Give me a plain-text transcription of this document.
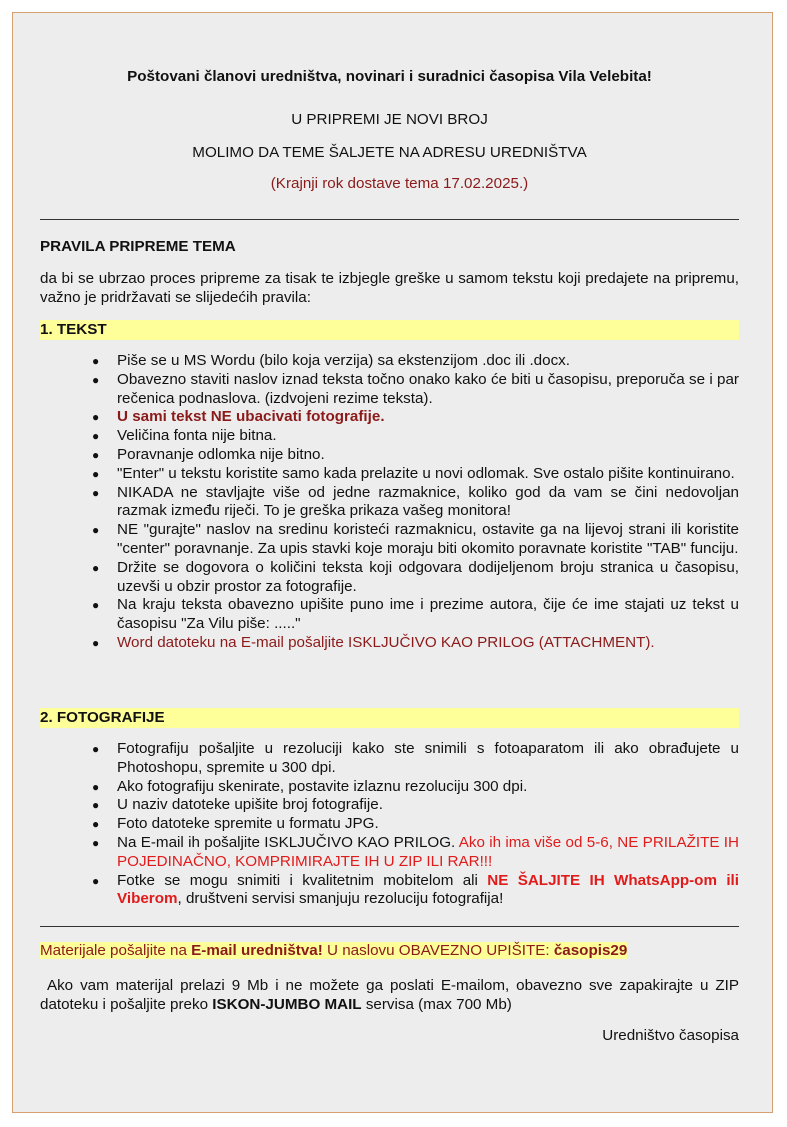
Poštovani članovi uredništva, novinari i suradnici časopisa Vila Velebita!
U PRIPREMI JE NOVI BROJ
MOLIMO DA TEME ŠALJETE NA ADRESU UREDNIŠTVA
(Krajnji rok dostave tema 17.02.2025.)
PRAVILA PRIPREME TEMA
da bi se ubrzao proces pripreme za tisak te izbjegle greške u samom tekstu koji predajete na pripremu, važno je pridržavati se slijedećih pravila:
1. TEKST
● Piše se u MS Wordu (bilo koja verzija) sa ekstenzijom .doc ili .docx.
● Obavezno staviti naslov iznad teksta točno onako kako će biti u časopisu, preporuča se i par rečenica podnaslova. (izdvojeni rezime teksta).
● U sami tekst NE ubacivati fotografije.
● Veličina fonta nije bitna.
● Poravnanje odlomka nije bitno.
● "Enter" u tekstu koristite samo kada prelazite u novi odlomak. Sve ostalo pišite kontinuirano.
● NIKADA ne stavljajte više od jedne razmaknice, koliko god da vam se čini nedovoljan razmak između riječi. To je greška prikaza vašeg monitora!
● NE "gurajte" naslov na sredinu koristeći razmaknicu, ostavite ga na lijevoj strani ili koristite "center" poravnanje. Za upis stavki koje moraju biti okomito poravnate koristite "TAB" funciju.
● Držite se dogovora o količini teksta koji odgovara dodijeljenom broju stranica u časopisu, uzevši u obzir prostor za fotografije.
● Na kraju teksta obavezno upišite puno ime i prezime autora, čije će ime stajati uz tekst u časopisu "Za Vilu piše: ....."
● Word datoteku na E-mail pošaljite ISKLJUČIVO KAO PRILOG (ATTACHMENT).
2. FOTOGRAFIJE
● Fotografiju pošaljite u rezoluciji kako ste snimili s fotoaparatom ili ako obrađujete u Photoshopu, spremite u 300 dpi.
● Ako fotografiju skenirate, postavite izlaznu rezoluciju 300 dpi.
● U naziv datoteke upišite broj fotografije.
● Foto datoteke spremite u formatu JPG.
● Na E-mail ih pošaljite ISKLJUČIVO KAO PRILOG. Ako ih ima više od 5-6, NE PRILAŽITE IH POJEDINAČNO, KOMPRIMIRAJTE IH U ZIP ILI RAR!!!
● Fotke se mogu snimiti i kvalitetnim mobitelom ali NE ŠALJITE IH WhatsApp-om ili Viberom, društveni servisi smanjuju rezoluciju fotografija!
Materijale pošaljite na E-mail uredništva! U naslovu OBAVEZNO UPIŠITE: časopis29
Ako vam materijal prelazi 9 Mb i ne možete ga poslati E-mailom, obavezno sve zapakirajte u ZIP datoteku i pošaljite preko ISKON-JUMBO MAIL servisa (max 700 Mb)
Uredništvo časopisa
